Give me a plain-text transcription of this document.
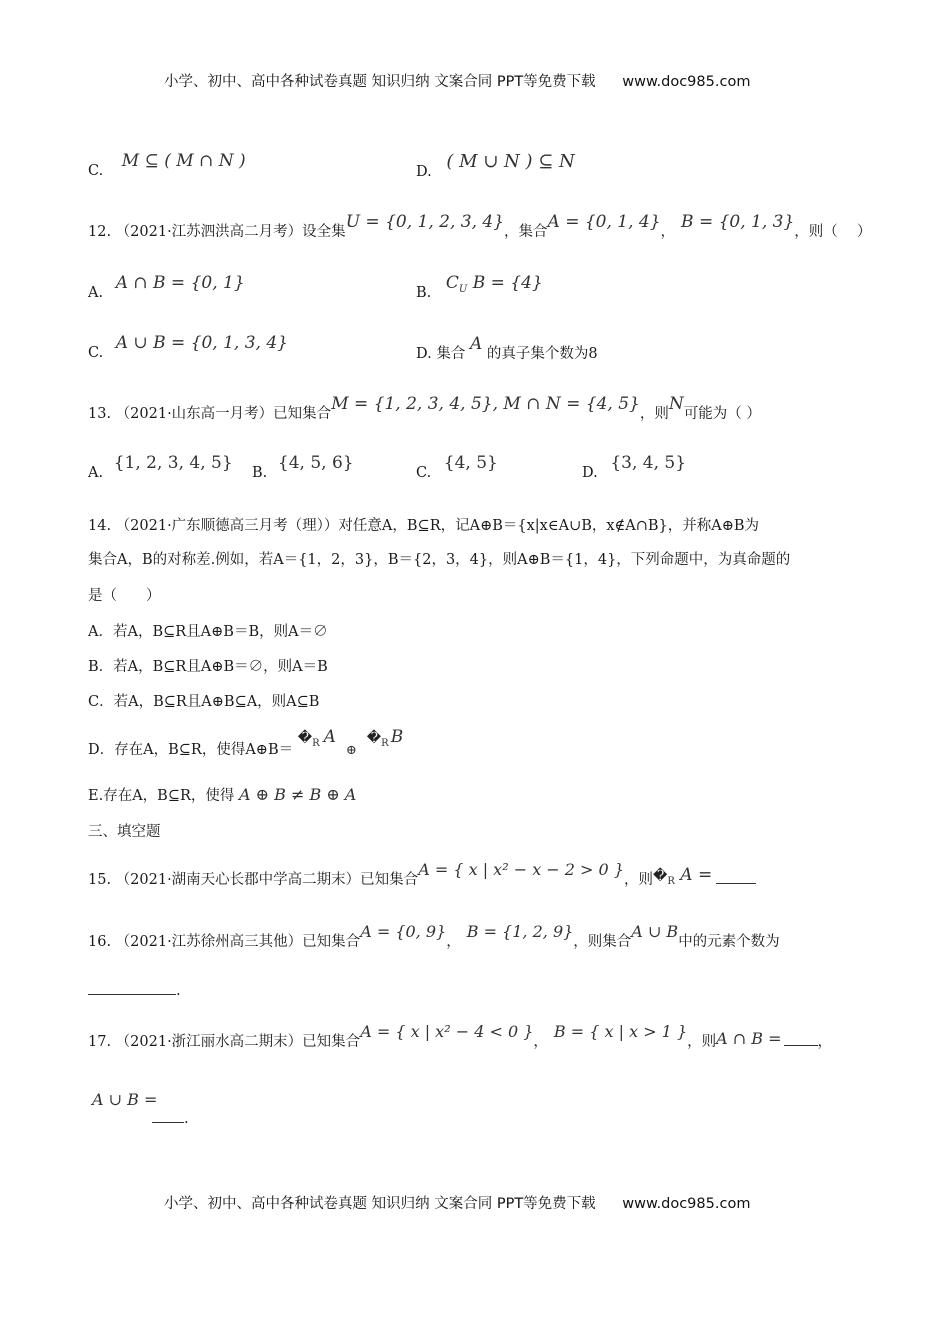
小学、初中、高中各种试卷真题 知识归纳 文案合同 PPT等免费下载 www.doc985.com
C. M ⊆ ( M ∩ N )
D. ( M ∪ N ) ⊆ N
12. （2021·江苏泗洪高二月考）设全集U = {0, 1, 2, 3, 4}，集合A = {0, 1, 4}， B = {0, 1, 3}，则（　 ）
A. A ∩ B = {0, 1}	B. $C_U$ B = {4}
C. A ∪ B = {0, 1, 3, 4}
D. 集合 A 的真子集个数为8
13. （2021·山东高一月考）已知集合M = {1, 2, 3, 4, 5}, M ∩ N = {4, 5}，则N可能为（ ）
A. {1, 2, 3, 4, 5} B. {4, 5, 6}	C. {4, 5}	D. {3, 4, 5}
14. （2021·广东顺德高三月考（理））对任意A，B⊆R，记A⊕B＝{x|x∈A∪B，x∉A∩B}，并称A⊕B为
集合A，B的对称差.例如，若A＝{1，2，3}，B＝{2，3，4}，则A⊕B＝{1，4}，下列命题中，为真命题的
是（　　）
A．若A，B⊆R且A⊕B＝B，则A＝∅
B．若A，B⊆R且A⊕B＝∅，则A＝B
C．若A，B⊆R且A⊕B⊆A，则A⊆B
D．存在A，B⊆R，使得A⊕B＝ $�_R$ $A_\oplus�_R$ B
E.存在A，B⊆R，使得 A ⊕ B ≠ B ⊕ A
三、填空题
15. （2021·湖南天心长郡中学高二期末）已知集合A = { x | x² − x − 2 > 0 }，则$�_R$ A =
16. （2021·江苏徐州高三其他）已知集合A = {0, 9}，B = {1, 2, 9}，则集合A ∪ B中的元素个数为
.
17. （2021·浙江丽水高二期末）已知集合A = { x | x² − 4 < 0 }，B = { x | x > 1 }，则A ∩ B = ，
A ∪ B =
.
小学、初中、高中各种试卷真题 知识归纳 文案合同 PPT等免费下载 www.doc985.com
